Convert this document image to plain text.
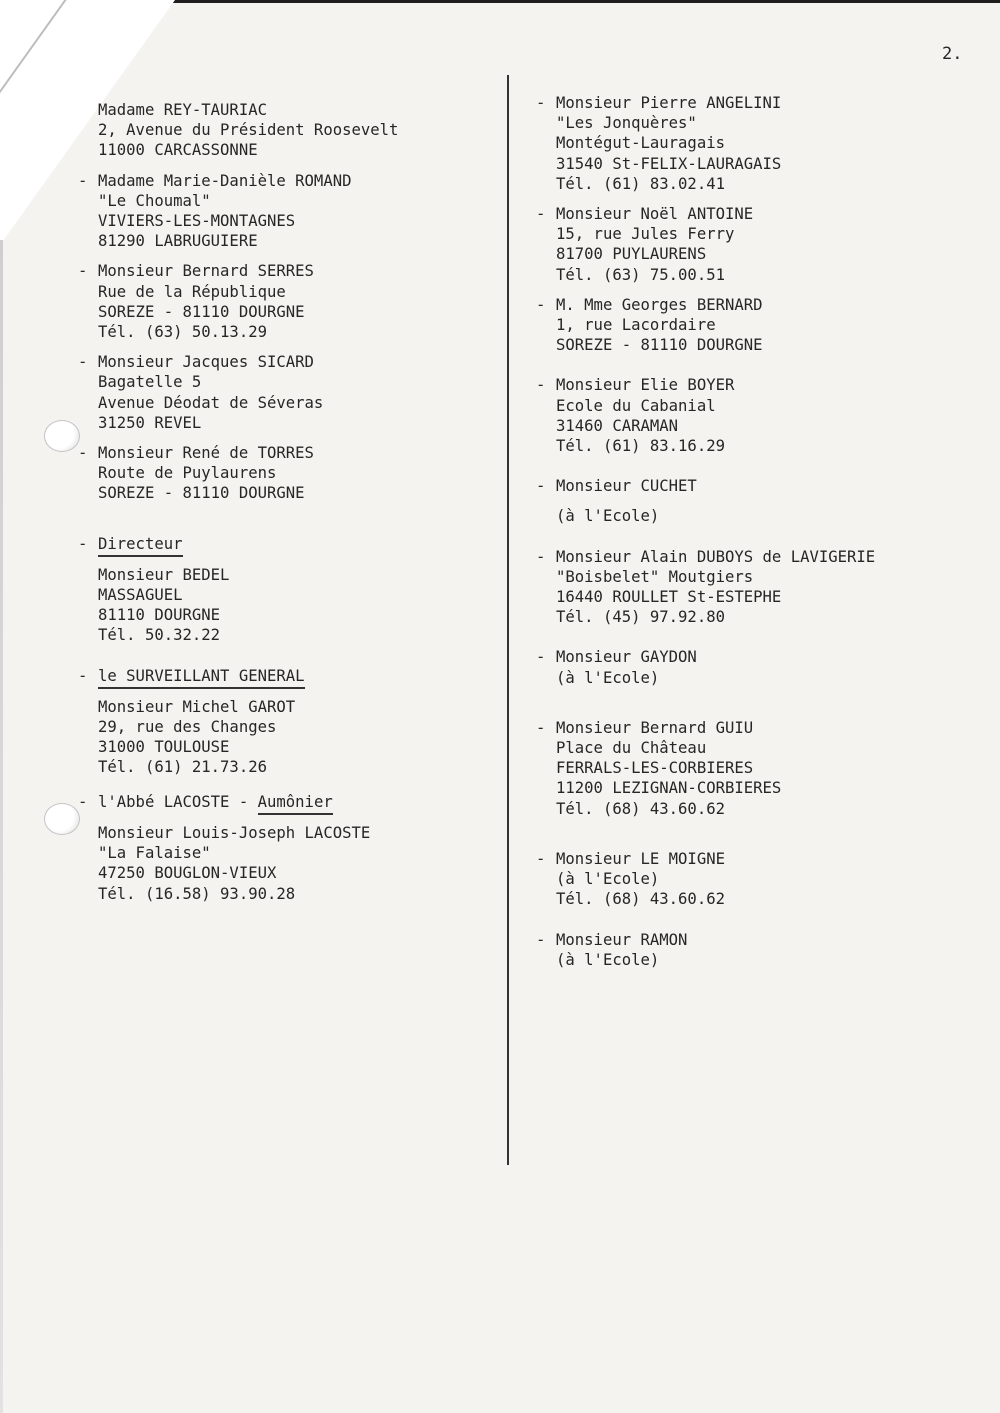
2.
Madame REY-TAURIAC
2, Avenue du Président Roosevelt
11000 CARCASSONNE
- Madame Marie-Danièle ROMAND
"Le Choumal"
VIVIERS-LES-MONTAGNES
81290 LABRUGUIERE
- Monsieur Bernard SERRES
Rue de la République
SOREZE - 81110 DOURGNE
Tél. (63) 50.13.29
- Monsieur Jacques SICARD
Bagatelle 5
Avenue Déodat de Séveras
31250 REVEL
- Monsieur René de TORRES
Route de Puylaurens
SOREZE - 81110 DOURGNE
- Directeur
Monsieur BEDEL
MASSAGUEL
81110 DOURGNE
Tél. 50.32.22
- le SURVEILLANT GENERAL
Monsieur Michel GAROT
29, rue des Changes
31000 TOULOUSE
Tél. (61) 21.73.26
- l'Abbé LACOSTE - Aumônier
Monsieur Louis-Joseph LACOSTE
"La Falaise"
47250 BOUGLON-VIEUX
Tél. (16.58) 93.90.28
- Monsieur Pierre ANGELINI
"Les Jonquères"
Montégut-Lauragais
31540 St-FELIX-LAURAGAIS
Tél. (61) 83.02.41
- Monsieur Noël ANTOINE
15, rue Jules Ferry
81700 PUYLAURENS
Tél. (63) 75.00.51
- M. Mme Georges BERNARD
1, rue Lacordaire
SOREZE - 81110 DOURGNE
- Monsieur Elie BOYER
Ecole du Cabanial
31460 CARAMAN
Tél. (61) 83.16.29
- Monsieur CUCHET
(à l'Ecole)
- Monsieur Alain DUBOYS de LAVIGERIE
"Boisbelet" Moutgiers
16440 ROULLET St-ESTEPHE
Tél. (45) 97.92.80
- Monsieur GAYDON
(à l'Ecole)
- Monsieur Bernard GUIU
Place du Château
FERRALS-LES-CORBIERES
11200 LEZIGNAN-CORBIERES
Tél. (68) 43.60.62
- Monsieur LE MOIGNE
(à l'Ecole)
Tél. (68) 43.60.62
- Monsieur RAMON
(à l'Ecole)
